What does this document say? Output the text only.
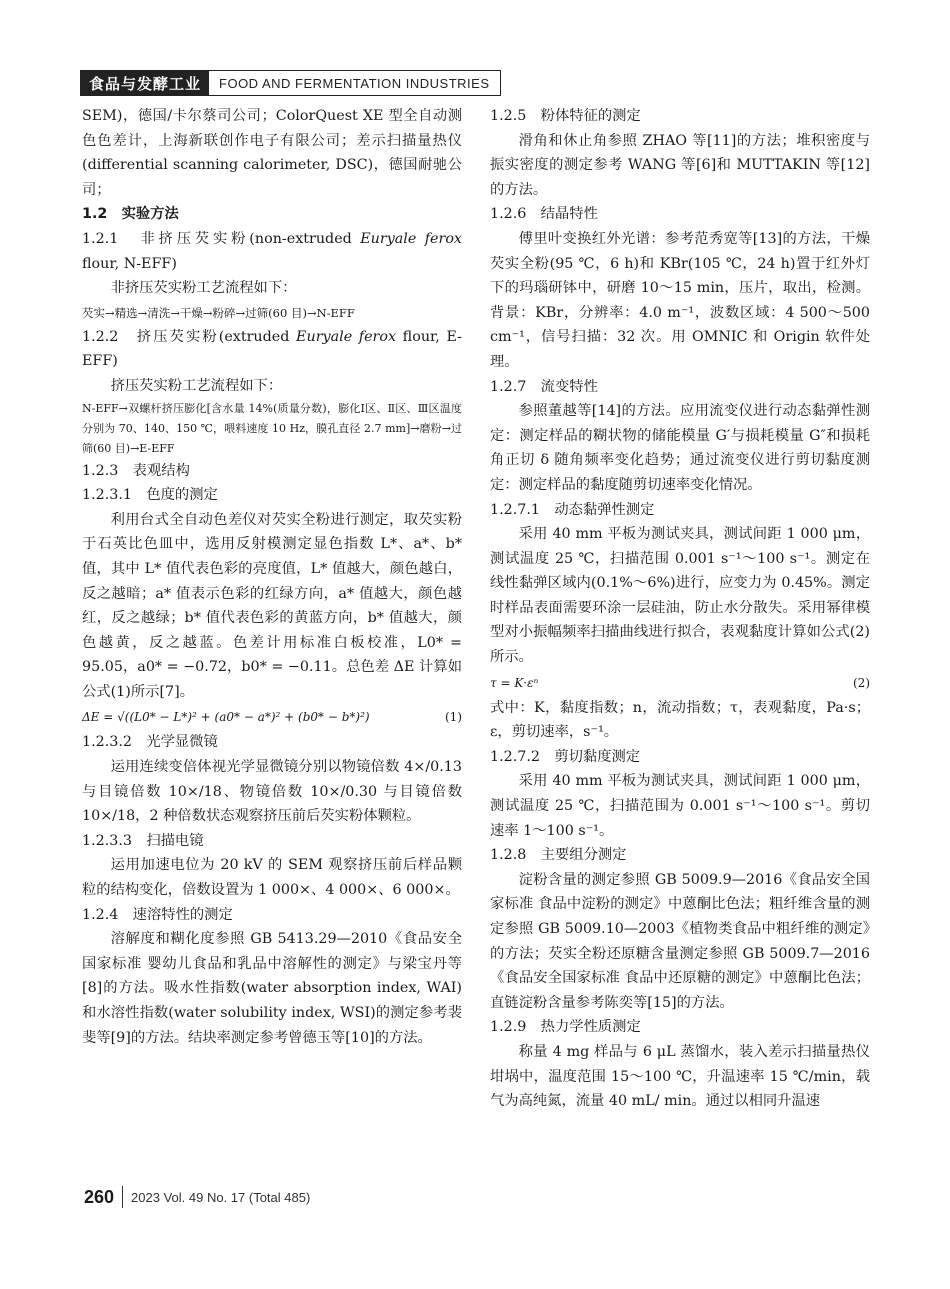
食品与发酵工业	FOOD AND FERMENTATION INDUSTRIES

SEM)，德国/卡尔蔡司公司；ColorQuest XE 型全自动测色色差计，上海新联创作电子有限公司；差示扫描量热仪(differential scanning calorimeter, DSC)，德国耐驰公司；

1.2　实验方法

1.2.1　非挤压芡实粉(non-extruded Euryale ferox flour, N-EFF)

非挤压芡实粉工艺流程如下：

芡实→精选→清洗→干燥→粉碎→过筛(60 目)→N-EFF

1.2.2　挤压芡实粉(extruded Euryale ferox flour, E-EFF)

挤压芡实粉工艺流程如下：

N-EFF→双螺杆挤压膨化[含水量 14%(质量分数)，膨化Ⅰ区、Ⅱ区、Ⅲ区温度分别为 70、140、150 ℃，喂料速度 10 Hz，膜孔直径 2.7 mm]→磨粉→过筛(60 目)→E-EFF

1.2.3　表观结构

1.2.3.1　色度的测定

利用台式全自动色差仪对芡实全粉进行测定，取芡实粉于石英比色皿中，选用反射模测定显色指数 L*、a*、b* 值，其中 L* 值代表色彩的亮度值，L* 值越大，颜色越白，反之越暗；a* 值表示色彩的红绿方向，a* 值越大，颜色越红，反之越绿；b* 值代表色彩的黄蓝方向，b* 值越大，颜色越黄，反之越蓝。色差计用标准白板校准，L0* = 95.05，a0* = −0.72，b0* = −0.11。总色差 ΔE 计算如公式(1)所示[7]。

ΔE = √((L0* − L*)² + (a0* − a*)² + (b0* − b*)²)	(1)

1.2.3.2　光学显微镜

运用连续变倍体视光学显微镜分别以物镜倍数 4×/0.13 与目镜倍数 10×/18、物镜倍数 10×/0.30 与目镜倍数 10×/18，2 种倍数状态观察挤压前后芡实粉体颗粒。

1.2.3.3　扫描电镜

运用加速电位为 20 kV 的 SEM 观察挤压前后样品颗粒的结构变化，倍数设置为 1 000×、4 000×、6 000×。

1.2.4　速溶特性的测定

溶解度和糊化度参照 GB 5413.29—2010《食品安全国家标准 婴幼儿食品和乳品中溶解性的测定》与梁宝丹等[8]的方法。吸水性指数(water absorption index, WAI)和水溶性指数(water solubility index, WSI)的测定参考裴斐等[9]的方法。结块率测定参考曾德玉等[10]的方法。

1.2.5　粉体特征的测定

滑角和休止角参照 ZHAO 等[11]的方法；堆积密度与振实密度的测定参考 WANG 等[6]和 MUTTAKIN 等[12]的方法。

1.2.6　结晶特性

傅里叶变换红外光谱：参考范秀宽等[13]的方法，干燥芡实全粉(95 ℃，6 h)和 KBr(105 ℃，24 h)置于红外灯下的玛瑙研钵中，研磨 10～15 min，压片，取出，检测。背景：KBr，分辨率：4.0 m⁻¹，波数区域：4 500～500 cm⁻¹，信号扫描：32 次。用 OMNIC 和 Origin 软件处理。

1.2.7　流变特性

参照董越等[14]的方法。应用流变仪进行动态黏弹性测定：测定样品的糊状物的储能模量 G′与损耗模量 G″和损耗角正切 δ 随角频率变化趋势；通过流变仪进行剪切黏度测定：测定样品的黏度随剪切速率变化情况。

1.2.7.1　动态黏弹性测定

采用 40 mm 平板为测试夹具，测试间距 1 000 μm，测试温度 25 ℃，扫描范围 0.001 s⁻¹～100 s⁻¹。测定在线性黏弹区域内(0.1%～6%)进行，应变力为 0.45%。测定时样品表面需要环涂一层硅油，防止水分散失。采用幂律模型对小振幅频率扫描曲线进行拟合，表观黏度计算如公式(2)所示。

τ = K·εⁿ	(2)

式中：K，黏度指数；n，流动指数；τ，表观黏度，Pa·s；ε，剪切速率，s⁻¹。

1.2.7.2　剪切黏度测定

采用 40 mm 平板为测试夹具，测试间距 1 000 μm，测试温度 25 ℃，扫描范围为 0.001 s⁻¹～100 s⁻¹。剪切速率 1～100 s⁻¹。

1.2.8　主要组分测定

淀粉含量的测定参照 GB 5009.9—2016《食品安全国家标准 食品中淀粉的测定》中蒽酮比色法；粗纤维含量的测定参照 GB 5009.10—2003《植物类食品中粗纤维的测定》的方法；芡实全粉还原糖含量测定参照 GB 5009.7—2016《食品安全国家标准 食品中还原糖的测定》中蒽酮比色法；直链淀粉含量参考陈奕等[15]的方法。

1.2.9　热力学性质测定

称量 4 mg 样品与 6 μL 蒸馏水，装入差示扫描量热仪坩埚中，温度范围 15～100 ℃，升温速率 15 ℃/min，载气为高纯氮，流量 40 mL/ min。通过以相同升温速

260	2023 Vol. 49 No. 17 (Total 485)
